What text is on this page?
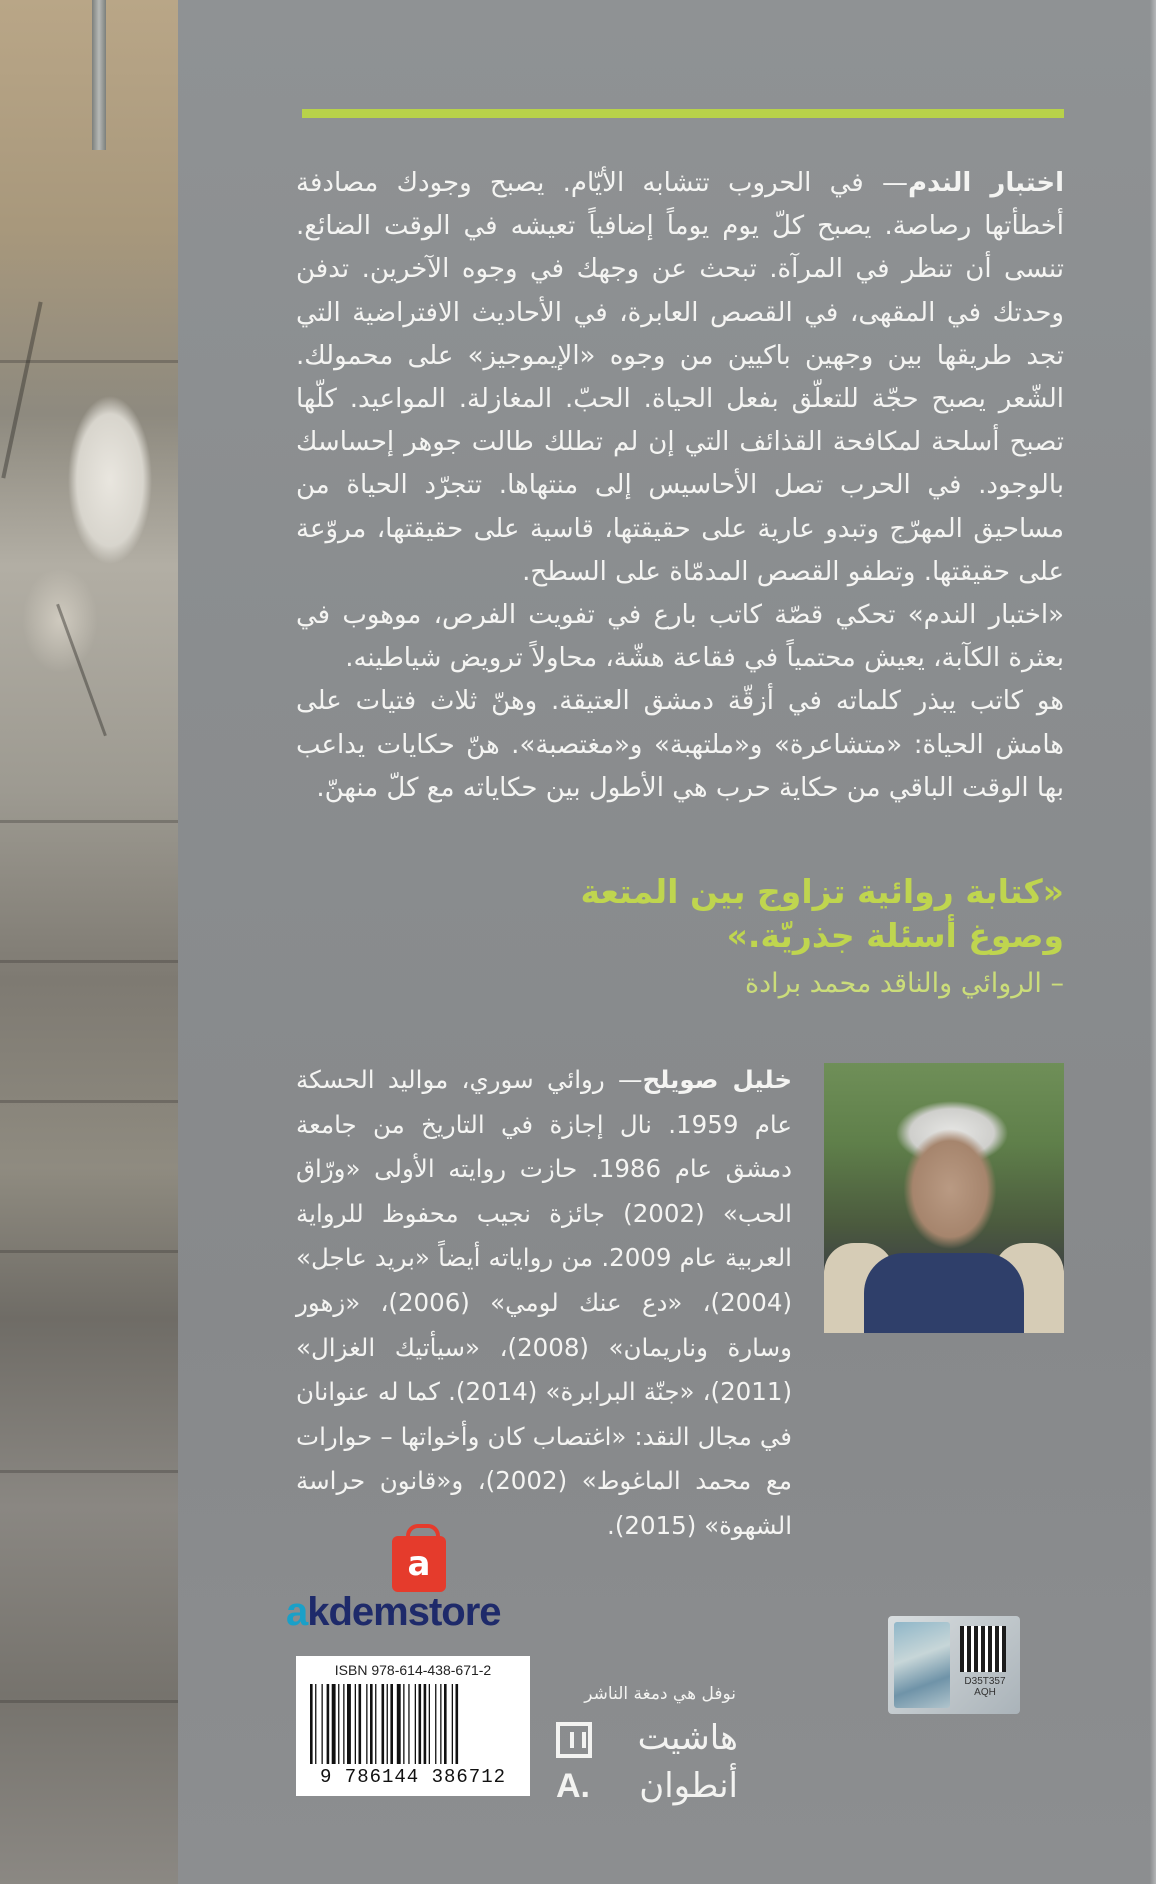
اختبار الندم— في الحروب تتشابه الأيّام. يصبح وجودك مصادفة أخطأتها رصاصة. يصبح كلّ يوم يوماً إضافياً تعيشه في الوقت الضائع. تنسى أن تنظر في المرآة. تبحث عن وجهك في وجوه الآخرين. تدفن وحدتك في المقهى، في القصص العابرة، في الأحاديث الافتراضية التي تجد طريقها بين وجهين باكيين من وجوه «الإيموجيز» على محمولك. الشّعر يصبح حجّة للتعلّق بفعل الحياة. الحبّ. المغازلة. المواعيد. كلّها تصبح أسلحة لمكافحة القذائف التي إن لم تطلك طالت جوهر إحساسك بالوجود. في الحرب تصل الأحاسيس إلى منتهاها. تتجرّد الحياة من مساحيق المهرّج وتبدو عارية على حقيقتها، قاسية على حقيقتها، مروّعة على حقيقتها. وتطفو القصص المدمّاة على السطح.

«اختبار الندم» تحكي قصّة كاتب بارع في تفويت الفرص، موهوب في بعثرة الكآبة، يعيش محتمياً في فقاعة هشّة، محاولاً ترويض شياطينه.

هو كاتب يبذر كلماته في أزقّة دمشق العتيقة. وهنّ ثلاث فتيات على هامش الحياة: «متشاعرة» و«ملتهبة» و«مغتصبة». هنّ حكايات يداعب بها الوقت الباقي من حكاية حرب هي الأطول بين حكاياته مع كلّ منهنّ.

«كتابة روائية تزاوج بين المتعة وصوغ أسئلة جذريّة.»
– الروائي والناقد محمد برادة

خليل صويلح— روائي سوري، مواليد الحسكة عام 1959. نال إجازة في التاريخ من جامعة دمشق عام 1986. حازت روايته الأولى «ورّاق الحب» (2002) جائزة نجيب محفوظ للرواية العربية عام 2009. من رواياته أيضاً «بريد عاجل» (2004)، «دع عنك لومي» (2006)، «زهور وسارة وناريمان» (2008)، «سيأتيك الغزال» (2011)، «جنّة البرابرة» (2014). كما له عنوانان في مجال النقد: «اغتصاب كان وأخواتها – حوارات مع محمد الماغوط» (2002)، و«قانون حراسة الشهوة» (2015).

a
akdemstore
ISBN 978-614-438-671-2
9 786144 386712
نوفل هي دمغة الناشر
هاشيت
A.	أنطوان
D35T357
AQH
